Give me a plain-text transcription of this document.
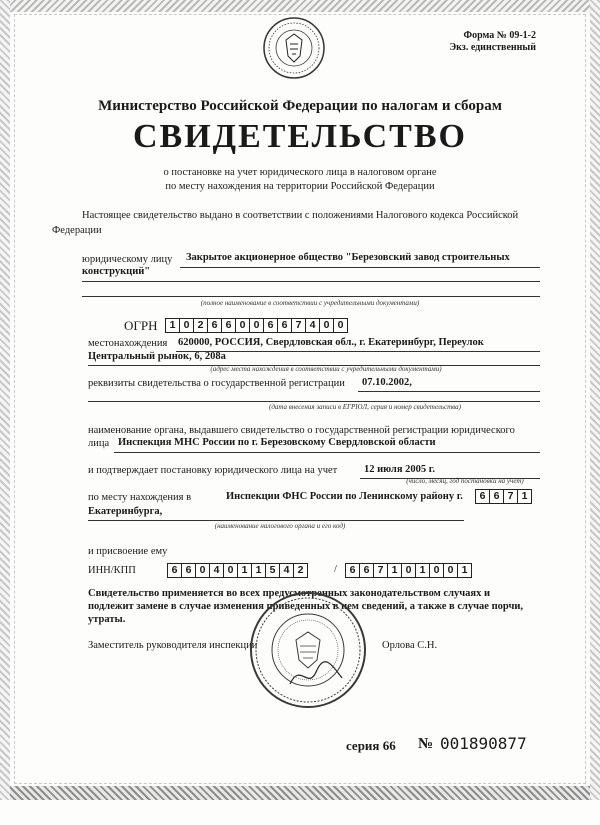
Форма № 09-1-2
Экз. единственный
Министерство Российской Федерации по налогам и сборам
СВИДЕТЕЛЬСТВО
о постановке на учет юридического лица в налоговом органе
по месту нахождения на территории Российской Федерации
Настоящее свидетельство выдано в соответствии с положениями Налогового кодекса Российской
Федерации
юридическому лицу Закрытое акционерное общество "Березовский завод строительных
конструкций"
(полное наименование в соответствии с учредительными документами)
ОГРН	1 0 2 6 6 0 0 6 6 7 4 0 0
местонахождения 620000, РОССИЯ, Свердловская обл., г. Екатеринбург, Переулок
Центральный рынок, 6, 208а
(адрес места нахождения в соответствии с учредительными документами)
реквизиты свидетельства о государственной регистрации 07.10.2002,
(дата внесения записи в ЕГРЮЛ, серия и номер свидетельства)
наименование органа, выдавшего свидетельство о государственной регистрации юридического
лица Инспекция МНС России по г. Березовскому Свердловской области
и подтверждает постановку юридического лица на учет	12 июля 2005 г.
(число, месяц, год постановки на учет)
по месту нахождения в	Инспекции ФНС России по Ленинскому району г.	6 6 7 1
Екатеринбурга,
(наименование налогового органа и его код)
и присвоение ему
ИНН/КПП	6 6 0 4 0 1 1 5 4 2	/	6 6 7 1 0 1 0 0 1
Свидетельство применяется во всех предусмотренных законодательством случаях и
подлежит замене в случае изменения приведенных в нем сведений, а также в случае порчи,
утраты.
Заместитель руководителя инспекции	Орлова С.Н.
серия 66 № 001890877
